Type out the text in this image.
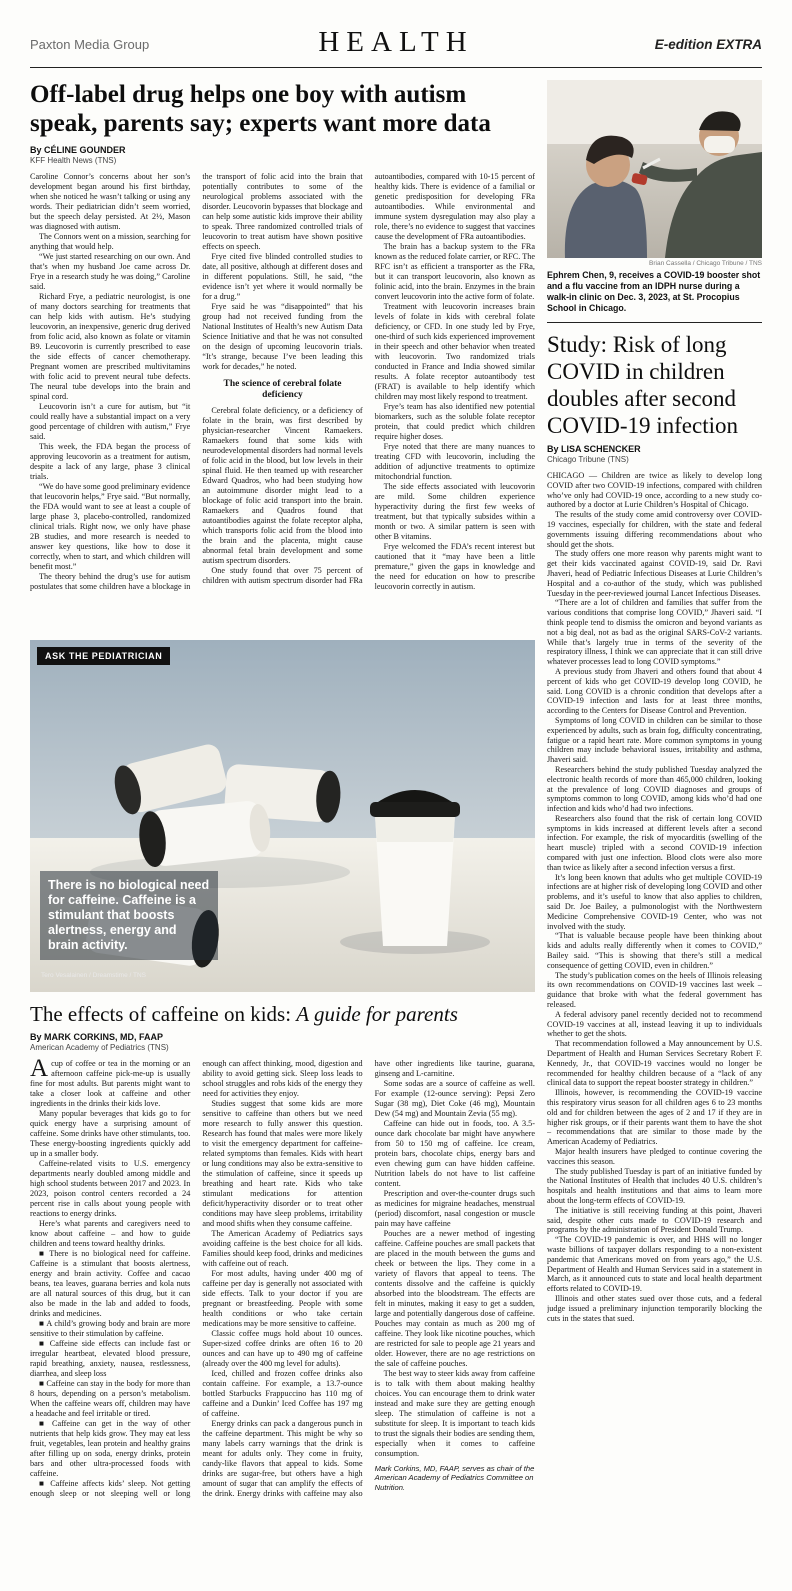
Paxton Media Group	HEALTH	E-edition EXTRA
Off-label drug helps one boy with autism speak, parents say; experts want more data
By CÉLINE GOUNDER
KFF Health News (TNS)

Caroline Connor’s concerns about her son’s development began around his first birthday, when she noticed he wasn’t talking or using any words. Their pediatrician didn’t seem worried, but the speech delay persisted. At 2½, Mason was diagnosed with autism.

The Connors went on a mission, searching for anything that would help.

“We just started researching on our own. And that’s when my husband Joe came across Dr. Frye in a research study he was doing,” Caroline said.

Richard Frye, a pediatric neurologist, is one of many doctors searching for treatments that can help kids with autism. He’s studying leucovorin, an inexpensive, generic drug derived from folic acid, also known as folate or vitamin B9. Leucovorin is currently prescribed to ease the side effects of cancer chemotherapy. Pregnant women are prescribed multivitamins with folic acid to prevent neural tube defects. The neural tube develops into the brain and spinal cord.

Leucovorin isn’t a cure for autism, but “it could really have a substantial impact on a very good percentage of children with autism,” Frye said.

This week, the FDA began the process of approving leucovorin as a treatment for autism, despite a lack of any large, phase 3 clinical trials.

“We do have some good preliminary evidence that leucovorin helps,” Frye said. “But normally, the FDA would want to see at least a couple of large phase 3, placebo-controlled, randomized clinical trials. Right now, we only have phase 2B studies, and more research is needed to answer key questions, like how to dose it correctly, when to start, and which children will benefit most.”

The theory behind the drug’s use for autism postulates that some children have a blockage in the transport of folic acid into the brain that potentially contributes to some of the neurological problems associated with the disorder. Leucovorin bypasses that blockage and can help some autistic kids improve their ability to speak. Three randomized controlled trials of leucovorin to treat autism have shown positive effects on speech.

Frye cited five blinded controlled studies to date, all positive, although at different doses and in different populations. Still, he said, “the evidence isn’t yet where it would normally be for a drug.”

Frye said he was “disappointed” that his group had not received funding from the National Institutes of Health’s new Autism Data Science Initiative and that he was not consulted on the design of upcoming leucovorin trials. “It’s strange, because I’ve been leading this work for decades,” he noted.

The science of cerebral folate deficiency

Cerebral folate deficiency, or a deficiency of folate in the brain, was first described by physician-researcher Vincent Ramaekers. Ramaekers found that some kids with neurodevelopmental disorders had normal levels of folic acid in the blood, but low levels in their spinal fluid. He then teamed up with researcher Edward Quadros, who had been studying how an autoimmune disorder might lead to a blockage of folic acid transport into the brain. Ramaekers and Quadros found that autoantibodies against the folate receptor alpha, which transports folic acid from the blood into the brain and the placenta, might cause abnormal fetal brain development and some autism spectrum disorders.

One study found that over 75 percent of children with autism spectrum disorder had FRa autoantibodies, compared with 10-15 percent of healthy kids. There is evidence of a familial or genetic predisposition for developing FRa autoantibodies. While environmental and immune system dysregulation may also play a role, there’s no evidence to suggest that vaccines cause the development of FRa autoantibodies.

The brain has a backup system to the FRa known as the reduced folate carrier, or RFC. The RFC isn’t as efficient a transporter as the FRa, but it can transport leucovorin, also known as folinic acid, into the brain. Enzymes in the brain convert leucovorin into the active form of folate.

Treatment with leucovorin increases brain levels of folate in kids with cerebral folate deficiency, or CFD. In one study led by Frye, one-third of such kids experienced improvement in their speech and other behavior when treated with leucovorin. Two randomized trials conducted in France and India showed similar results. A folate receptor autoantibody test (FRAT) is available to help identify which children may most likely respond to treatment.

Frye’s team has also identified new potential biomarkers, such as the soluble folate receptor protein, that could predict which children require higher doses.

Frye noted that there are many nuances to treating CFD with leucovorin, including the addition of adjunctive treatments to optimize mitochondrial function.

The side effects associated with leucovorin are mild. Some children experience hyperactivity during the first few weeks of treatment, but that typically subsides within a month or two. A similar pattern is seen with other B vitamins.

Frye welcomed the FDA’s recent interest but cautioned that it “may have been a little premature,” given the gaps in knowledge and the need for education on how to prescribe leucovorin correctly in autism.

ASK THE PEDIATRICIAN
There is no biological need for caffeine. Caffeine is a stimulant that boosts alertness, energy and brain activity.
Tero Vesalainen / Dreamstime / TNS
The effects of caffeine on kids: A guide for parents
By MARK CORKINS, MD, FAAP
American Academy of Pediatrics (TNS)

Acup of coffee or tea in the morning or an afternoon caffeine pick-me-up is usually fine for most adults. But parents might want to take a closer look at caffeine and other ingredients in the drinks their kids love.

Many popular beverages that kids go to for quick energy have a surprising amount of caffeine. Some drinks have other stimulants, too. These energy-boosting ingredients quickly add up in a smaller body.

Caffeine-related visits to U.S. emergency departments nearly doubled among middle and high school students between 2017 and 2023. In 2023, poison control centers recorded a 24 percent rise in calls about young people with reactions to energy drinks.

Here’s what parents and caregivers need to know about caffeine – and how to guide children and teens toward healthy drinks.

■ There is no biological need for caffeine. Caffeine is a stimulant that boosts alertness, energy and brain activity. Coffee and cacao beans, tea leaves, guarana berries and kola nuts are all natural sources of this drug, but it can also be made in the lab and added to foods, drinks and medicines.

■ A child’s growing body and brain are more sensitive to their stimulation by caffeine.

■ Caffeine side effects can include fast or irregular heartbeat, elevated blood pressure, rapid breathing, anxiety, nausea, restlessness, diarrhea, and sleep loss

■ Caffeine can stay in the body for more than 8 hours, depending on a person’s metabolism. When the caffeine wears off, children may have a headache and feel irritable or tired.

■ Caffeine can get in the way of other nutrients that help kids grow. They may eat less fruit, vegetables, lean protein and healthy grains after filling up on soda, energy drinks, protein bars and other ultra-processed foods with caffeine.

■ Caffeine affects kids’ sleep. Not getting enough sleep or not sleeping well or long enough can affect thinking, mood, digestion and ability to avoid getting sick. Sleep loss leads to school struggles and robs kids of the energy they need for activities they enjoy.

Studies suggest that some kids are more sensitive to caffeine than others but we need more research to fully answer this question. Research has found that males were more likely to visit the emergency department for caffeine-related symptoms than females. Kids with heart or lung conditions may also be extra-sensitive to the stimulation of caffeine, since it speeds up breathing and heart rate. Kids who take stimulant medications for attention deficit/hyperactivity disorder or to treat other conditions may have sleep problems, irritability and mood shifts when they consume caffeine.

The American Academy of Pediatrics says avoiding caffeine is the best choice for all kids. Families should keep food, drinks and medicines with caffeine out of reach.

For most adults, having under 400 mg of caffeine per day is generally not associated with side effects. Talk to your doctor if you are pregnant or breastfeeding. People with some health conditions or who take certain medications may be more sensitive to caffeine.

Classic coffee mugs hold about 10 ounces. Super-sized coffee drinks are often 16 to 20 ounces and can have up to 490 mg of caffeine (already over the 400 mg level for adults).

Iced, chilled and frozen coffee drinks also contain caffeine. For example, a 13.7-ounce bottled Starbucks Frappuccino has 110 mg of caffeine and a Dunkin’ Iced Coffee has 197 mg of caffeine.

Energy drinks can pack a dangerous punch in the caffeine department. This might be why so many labels carry warnings that the drink is meant for adults only. They come in fruity, candy-like flavors that appeal to kids. Some drinks are sugar-free, but others have a high amount of sugar that can amplify the effects of the drink. Energy drinks with caffeine may also have other ingredients like taurine, guarana, ginseng and L-carnitine.

Some sodas are a source of caffeine as well. For example (12-ounce serving): Pepsi Zero Sugar (38 mg), Diet Coke (46 mg), Mountain Dew (54 mg) and Mountain Zevia (55 mg).

Caffeine can hide out in foods, too. A 3.5-ounce dark chocolate bar might have anywhere from 50 to 150 mg of caffeine. Ice cream, protein bars, chocolate chips, energy bars and even chewing gum can have hidden caffeine. Nutrition labels do not have to list caffeine content.

Prescription and over-the-counter drugs such as medicines for migraine headaches, menstrual (period) discomfort, nasal congestion or muscle pain may have caffeine

Pouches are a newer method of ingesting caffeine. Caffeine pouches are small packets that are placed in the mouth between the gums and cheek or between the lips. They come in a variety of flavors that appeal to teens. The contents dissolve and the caffeine is quickly absorbed into the bloodstream. The effects are felt in minutes, making it easy to get a sudden, large and potentially dangerous dose of caffeine. Pouches may contain as much as 200 mg of caffeine. They look like nicotine pouches, which are restricted for sale to people age 21 years and older. However, there are no age restrictions on the sale of caffeine pouches.

The best way to steer kids away from caffeine is to talk with them about making healthy choices. You can encourage them to drink water instead and make sure they are getting enough sleep. The stimulation of caffeine is not a substitute for sleep. It is important to teach kids to trust the signals their bodies are sending them, especially when it comes to caffeine consumption.

Mark Corkins, MD, FAAP, serves as chair of the American Academy of Pediatrics Committee on Nutrition.

Brian Cassella / Chicago Tribune / TNS

Ephrem Chen, 9, receives a COVID-19 booster shot and a flu vaccine from an IDPH nurse during a walk-in clinic on Dec. 3, 2023, at St. Procopius School in Chicago.

Study: Risk of long COVID in children doubles after second COVID-19 infection
By LISA SCHENCKER
Chicago Tribune (TNS)

CHICAGO — Children are twice as likely to develop long COVID after two COVID-19 infections, compared with children who’ve only had COVID-19 once, according to a new study co-authored by a doctor at Lurie Children’s Hospital of Chicago.

The results of the study come amid controversy over COVID-19 vaccines, especially for children, with the state and federal governments issuing differing recommendations about who should get the shots.

The study offers one more reason why parents might want to get their kids vaccinated against COVID-19, said Dr. Ravi Jhaveri, head of Pediatric Infectious Diseases at Lurie Children’s Hospital and a co-author of the study, which was published Tuesday in the peer-reviewed journal Lancet Infectious Diseases.

“There are a lot of children and families that suffer from the various conditions that comprise long COVID,” Jhaveri said. “I think people tend to dismiss the omicron and beyond variants as not a big deal, not as bad as the original SARS-CoV-2 variants. While that’s largely true in terms of the severity of the respiratory illness, I think we can appreciate that it can still drive whatever processes lead to long COVID symptoms.”

A previous study from Jhaveri and others found that about 4 percent of kids who get COVID-19 develop long COVID, he said. Long COVID is a chronic condition that develops after a COVID-19 infection and lasts for at least three months, according to the Centers for Disease Control and Prevention.

Symptoms of long COVID in children can be similar to those experienced by adults, such as brain fog, difficulty concentrating, fatigue or a rapid heart rate. More common symptoms in young children may include behavioral issues, irritability and asthma, Jhaveri said.

Researchers behind the study published Tuesday analyzed the electronic health records of more than 465,000 children, looking at the prevalence of long COVID diagnoses and groups of symptoms common to long COVID, among kids who’d had one infection and kids who’d had two infections.

Researchers also found that the risk of certain long COVID symptoms in kids increased at different levels after a second infection. For example, the risk of myocarditis (swelling of the heart muscle) tripled with a second COVID-19 infection compared with just one infection. Blood clots were also more than twice as likely after a second infection versus a first.

It’s long been known that adults who get multiple COVID-19 infections are at higher risk of developing long COVID and other problems, and it’s useful to know that also applies to children, said Dr. Joe Bailey, a pulmonologist with the Northwestern Medicine Comprehensive COVID-19 Center, who was not involved with the study.

“That is valuable because people have been thinking about kids and adults really differently when it comes to COVID,” Bailey said. “This is showing that there’s still a medical consequence of getting COVID, even in children.”

The study’s publication comes on the heels of Illinois releasing its own recommendations on COVID-19 vaccines last week – guidance that broke with what the federal government has released.

A federal advisory panel recently decided not to recommend COVID-19 vaccines at all, instead leaving it up to individuals whether to get the shots.

That recommendation followed a May announcement by U.S. Department of Health and Human Services Secretary Robert F. Kennedy, Jr., that COVID-19 vaccines would no longer be recommended for healthy children because of a “lack of any clinical data to support the repeat booster strategy in children.”

Illinois, however, is recommending the COVID-19 vaccine this respiratory virus season for all children ages 6 to 23 months old and for children between the ages of 2 and 17 if they are in higher risk groups, or if their parents want them to have the shot – recommendations that are similar to those made by the American Academy of Pediatrics.

Major health insurers have pledged to continue covering the vaccines this season.

The study published Tuesday is part of an initiative funded by the National Institutes of Health that includes 40 U.S. children’s hospitals and health institutions and that aims to learn more about the long-term effects of COVID-19.

The initiative is still receiving funding at this point, Jhaveri said, despite other cuts made to COVID-19 research and programs by the administration of President Donald Trump.

“The COVID-19 pandemic is over, and HHS will no longer waste billions of taxpayer dollars responding to a non-existent pandemic that Americans moved on from years ago,” the U.S. Department of Health and Human Services said in a statement in March, as it announced cuts to state and local health department efforts related to COVID-19.

Illinois and other states sued over those cuts, and a federal judge issued a preliminary injunction temporarily blocking the cuts in the states that sued.
